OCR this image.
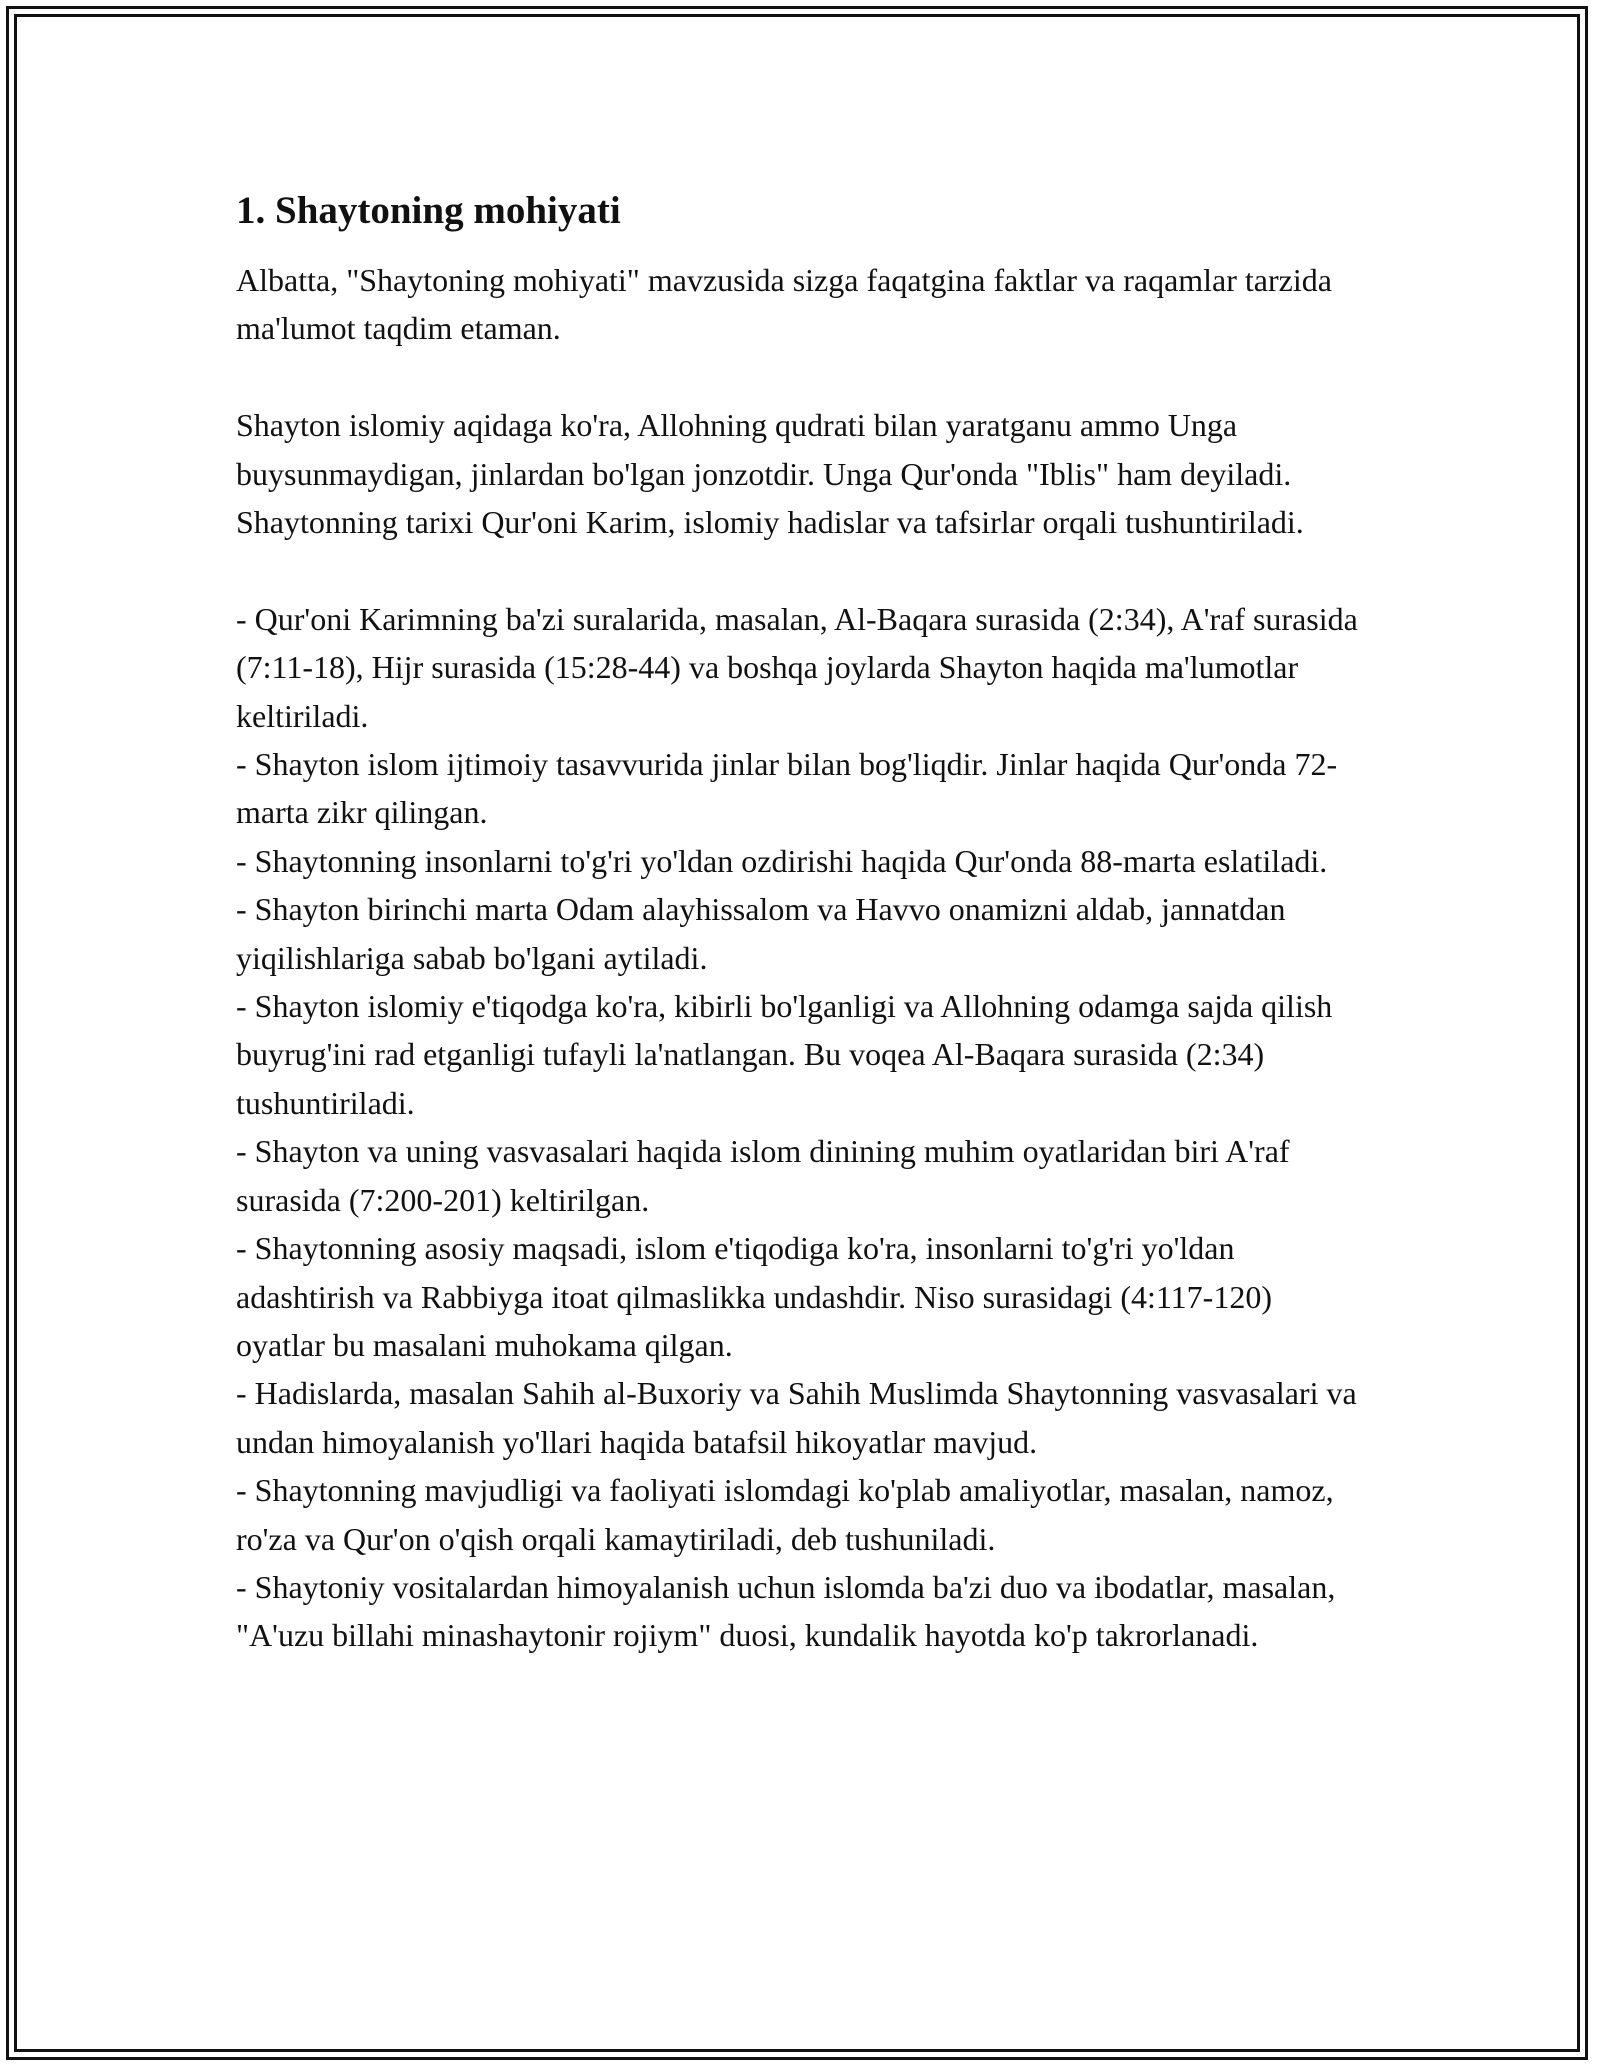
1. Shaytoning mohiyati

Albatta, "Shaytoning mohiyati" mavzusida sizga faqatgina faktlar va raqamlar tarzida ma'lumot taqdim etaman.

Shayton islomiy aqidaga ko'ra, Allohning qudrati bilan yaratganu ammo Unga buysunmaydigan, jinlardan bo'lgan jonzotdir. Unga Qur'onda "Iblis" ham deyiladi. Shaytonning tarixi Qur'oni Karim, islomiy hadislar va tafsirlar orqali tushuntiriladi.

- Qur'oni Karimning ba'zi suralarida, masalan, Al-Baqara surasida (2:34), A'raf surasida (7:11-18), Hijr surasida (15:28-44) va boshqa joylarda Shayton haqida ma'lumotlar keltiriladi.

- Shayton islom ijtimoiy tasavvurida jinlar bilan bog'liqdir. Jinlar haqida Qur'onda 72-marta zikr qilingan.

- Shaytonning insonlarni to'g'ri yo'ldan ozdirishi haqida Qur'onda 88-marta eslatiladi.

- Shayton birinchi marta Odam alayhissalom va Havvo onamizni aldab, jannatdan yiqilishlariga sabab bo'lgani aytiladi.

- Shayton islomiy e'tiqodga ko'ra, kibirli bo'lganligi va Allohning odamga sajda qilish buyrug'ini rad etganligi tufayli la'natlangan. Bu voqea Al-Baqara surasida (2:34) tushuntiriladi.

- Shayton va uning vasvasalari haqida islom dinining muhim oyatlaridan biri A'raf surasida (7:200-201) keltirilgan.

- Shaytonning asosiy maqsadi, islom e'tiqodiga ko'ra, insonlarni to'g'ri yo'ldan adashtirish va Rabbiyga itoat qilmaslikka undashdir. Niso surasidagi (4:117-120) oyatlar bu masalani muhokama qilgan.

- Hadislarda, masalan Sahih al-Buxoriy va Sahih Muslimda Shaytonning vasvasalari va undan himoyalanish yo'llari haqida batafsil hikoyatlar mavjud.

- Shaytonning mavjudligi va faoliyati islomdagi ko'plab amaliyotlar, masalan, namoz, ro'za va Qur'on o'qish orqali kamaytiriladi, deb tushuniladi.

- Shaytoniy vositalardan himoyalanish uchun islomda ba'zi duo va ibodatlar, masalan, "A'uzu billahi minashaytonir rojiym" duosi, kundalik hayotda ko'p takrorlanadi.
